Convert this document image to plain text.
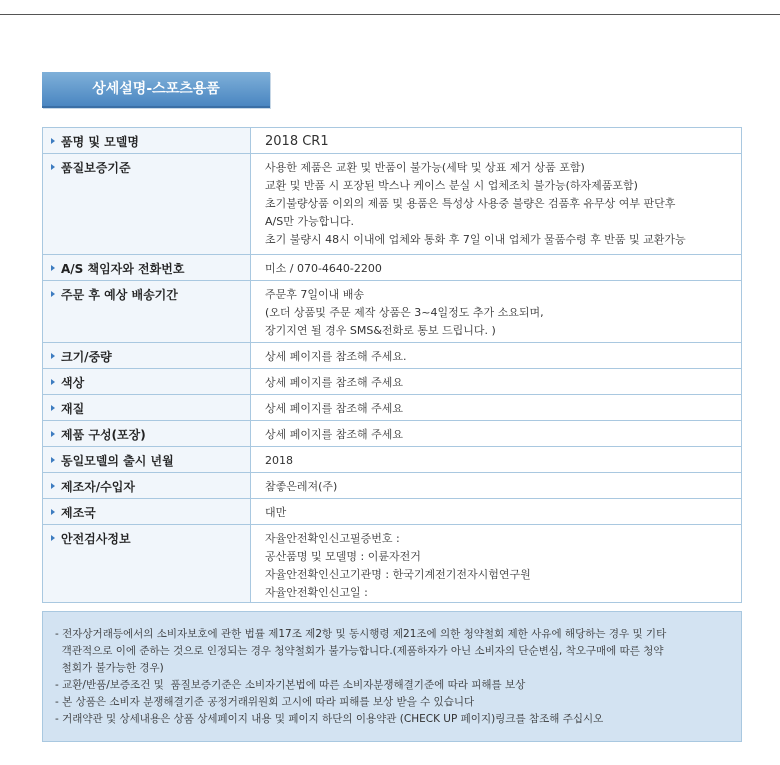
상세설명-스포츠용품
품명 및 모델명	2018 CR1

품질보증기준	사용한 제품은 교환 및 반품이 불가능(세탁 및 상표 제거 상품 포함)
교환 및 반품 시 포장된 박스나 케이스 분실 시 업체조치 불가능(하자제품포함)
초기불량상품 이외의 제품 및 용품은 특성상 사용중 불량은 검품후 유무상 여부 판단후
A/S만 가능합니다.
초기 불량시 48시 이내에 업체와 통화 후 7일 이내 업체가 물품수령 후 반품 및 교환가능

A/S 책임자와 전화번호	미소 / 070-4640-2200

주문 후 예상 배송기간	주문후 7일이내 배송
(오더 상품및 주문 제작 상품은 3~4일정도 추가 소요되며,
장기지연 될 경우 SMS&전화로 통보 드립니다. )

크기/중량	상세 페이지를 참조해 주세요.

색상	상세 페이지를 참조해 주세요

재질	상세 페이지를 참조해 주세요

제품 구성(포장)	상세 페이지를 참조해 주세요

동일모델의 출시 년월	2018

제조자/수입자	참좋은레져(주)

제조국	대만

안전검사정보	자율안전확인신고필증번호 :
공산품명 및 모델명 : 이륜자전거
자율안전확인신고기관명 : 한국기계전기전자시험연구원
자율안전확인신고일 :

- 전자상거래등에서의 소비자보호에 관한 법률 제17조 제2항 및 동시행령 제21조에 의한 청약철회 제한 사유에 해당하는 경우 및 기타

객관적으로 이에 준하는 것으로 인정되는 경우 청약철회가 불가능합니다.(제품하자가 아닌 소비자의 단순변심, 착오구매에 따른 청약

철회가 불가능한 경우)

- 교환/반품/보증조건 및  품질보증기준은 소비자기본법에 따른 소비자분쟁해결기준에 따라 피해를 보상

- 본 상품은 소비자 분쟁해결기준 공정거래위원회 고시에 따라 피해를 보상 받을 수 있습니다

- 거래약관 및 상세내용은 상품 상세페이지 내용 및 페이지 하단의 이용약관 (CHECK UP 페이지)링크를 참조해 주십시오
